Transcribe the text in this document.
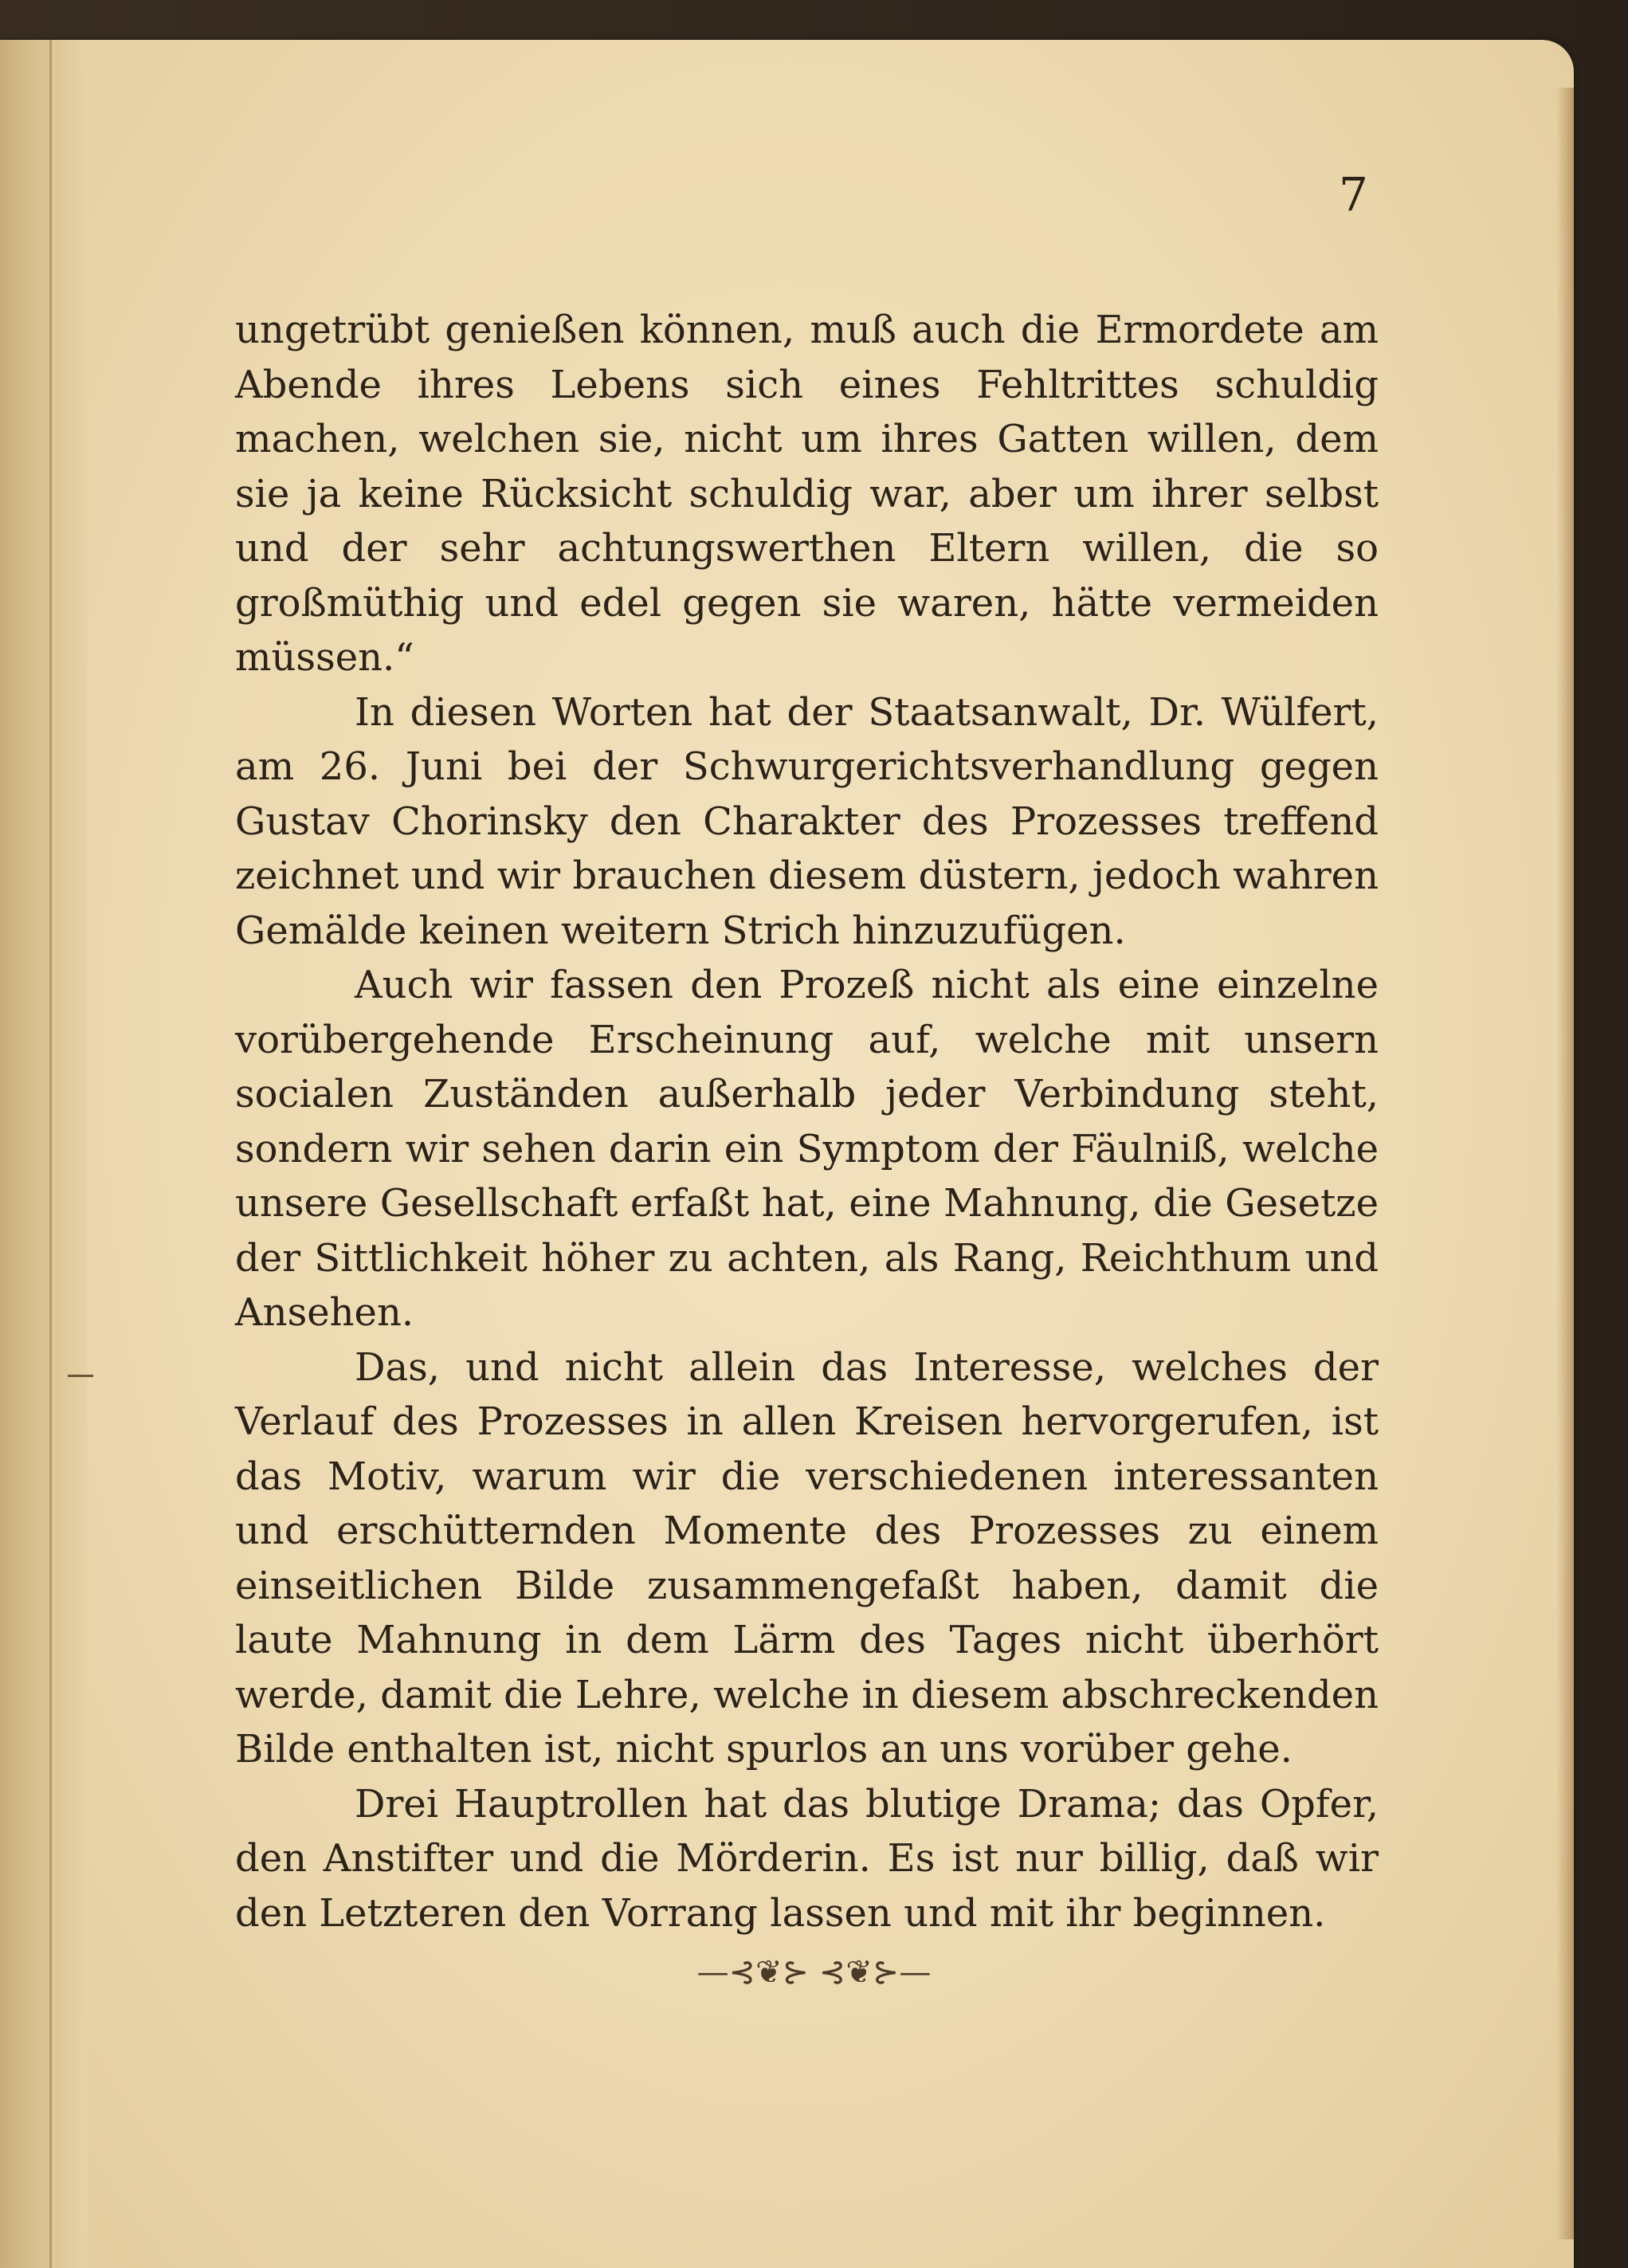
7

ungetrübt genießen können, muß auch die Ermordete am Abende ihres Lebens sich eines Fehltrittes schuldig machen, welchen sie, nicht um ihres Gatten willen, dem sie ja keine Rücksicht schuldig war, aber um ihrer selbst und der sehr achtungswerthen Eltern willen, die so großmüthig und edel gegen sie waren, hätte vermeiden müssen.“

In diesen Worten hat der Staatsanwalt, Dr. Wülfert, am 26. Juni bei der Schwurgerichtsverhandlung gegen Gustav Chorinsky den Charakter des Prozesses treffend zeichnet und wir brauchen diesem düstern, jedoch wahren Gemälde keinen weitern Strich hinzuzufügen.

Auch wir fassen den Prozeß nicht als eine einzelne vorübergehende Erscheinung auf, welche mit unsern socialen Zuständen außerhalb jeder Verbindung steht, sondern wir sehen darin ein Symptom der Fäulniß, welche unsere Gesellschaft erfaßt hat, eine Mahnung, die Gesetze der Sittlichkeit höher zu achten, als Rang, Reichthum und Ansehen.

Das, und nicht allein das Interesse, welches der Verlauf des Prozesses in allen Kreisen hervorgerufen, ist das Motiv, warum wir die verschiedenen interessanten und erschütternden Momente des Prozesses zu einem einseitlichen Bilde zusammengefaßt haben, damit die laute Mahnung in dem Lärm des Tages nicht überhört werde, damit die Lehre, welche in diesem abschreckenden Bilde enthalten ist, nicht spurlos an uns vorüber gehe.

Drei Hauptrollen hat das blutige Drama; das Opfer, den Anstifter und die Mörderin. Es ist nur billig, daß wir den Letzteren den Vorrang lassen und mit ihr beginnen.

—⊰❦⊱ ⊰❦⊱—
